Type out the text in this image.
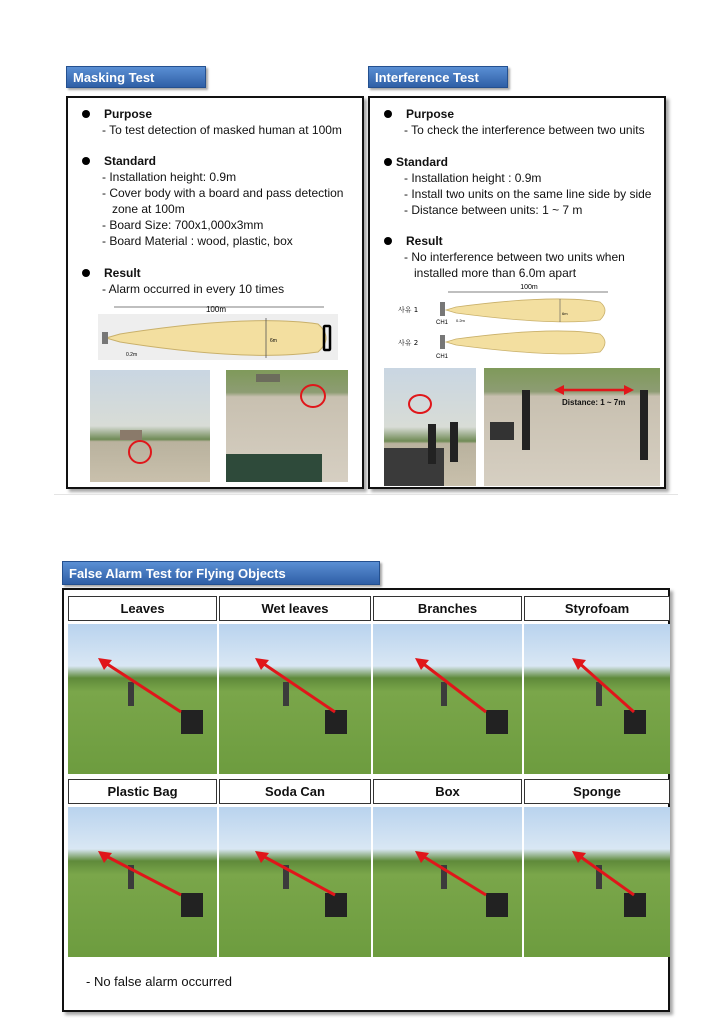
Masking Test
Purpose
- To test detection of masked human at 100m
Standard
- Installation height: 0.9m
- Cover body with a board and pass detection
zone at 100m
- Board Size: 700x1,000x3mm
- Board Material : wood, plastic, box
Result
- Alarm occurred in every 10 times
100m
0.2m
6m
Interference Test
Purpose
- To check the interference between two units
Standard
- Installation height : 0.9m
- Install two units on the same line side by side
- Distance between units: 1 ~ 7 m
Result
- No interference between two units when
installed more than 6.0m apart
100m
사유 1
CH1
사유 2
CH1
0.2m
6m
Distance: 1 ~ 7m
False Alarm Test for Flying Objects
Leaves	Wet leaves	Branches	Styrofoam
Plastic Bag	Soda Can	Box	Sponge
- No false alarm occurred
